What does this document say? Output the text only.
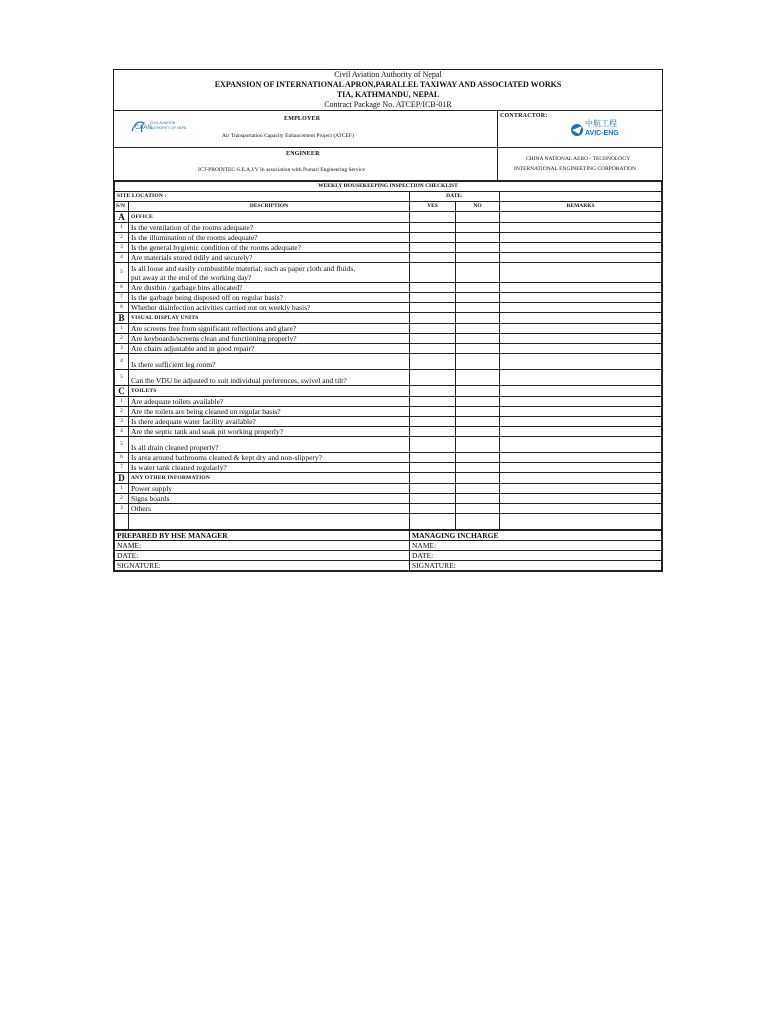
Civil Aviation Authority of Nepal
EXPANSION OF INTERNATIONAL APRON,PARALLEL TAXIWAY AND ASSOCIATED WORKS
TIA, KATHMANDU, NEPAL
Contract Package No. ATCEP/ICB-01R
EMPLOYER
CAAN
CIVIL AVIATION
AUTHORITY OF NEPAL
Air Transportation Capacity Enhancement Project (ATCEF)
CONTRACTOR:
中航工程
AVIC-ENG
ENGINEER
ICT-PROINTEC-S.E.A J/V In association with Pumari Engineering Service
CHINA NATIONAL AERO - TECHNOLOGY
INTERNATIONAL ENGINEETING CORPORATION
WEEKLY HOUSEKEEPING INSPECTION CHECKLIST				
SITE LOCATION :		DATE:		
S/N	DESCRIPTION	YES	NO	REMARKS
A	OFFICE			
1	Is the ventilation of the rooms adequate?			
2	Is the illumination of the rooms adequate?			
3	Is the general hygienic condition of the rooms adequate?			
4	Are materials stored tidily and securely?			
5	Is all loose and easily combustible material, such as paper cloth and fluids,
put away at the end of the working day?			

6	Are dustbin / garbage bins allocated?			
7	Is the garbage being disposed off on regular basis?			
8	Whether disinfection activities carried out on weekly basis?			
B	VISUAL DISPLAY UNITS			
1	Are screens free from significant reflections and glare?			
2	Are keyboards/screens clean and functioning properly?			
3	Are chairs adjustable and in good repair?			
4	Is there sufficient leg room?			
5	Can the VDU be adjusted to suit individual preferences, swivel and tilt?			
C	TOILETS			
1	Are adequate toilets available?			
2	Are the toilets are being cleaned on regular basis?			
3	Is there adequate water facility available?			
4	Are the septic tank and soak pit working properly?			
5	Is all drain cleaned properly?			
6	Is area around bathrooms cleaned & kept dry and non-slippery?			
7	Is water tank cleaned regularly?			
D	ANY OTHER INFORMATION			
1	Power supply			
2	Signs boards			
3	Others			

PREPARED BY HSE MANAGER	MANAGING INCHARGE
NAME:	NAME:
DATE:	DATE:
SIGNATURE:	SIGNATURE:
